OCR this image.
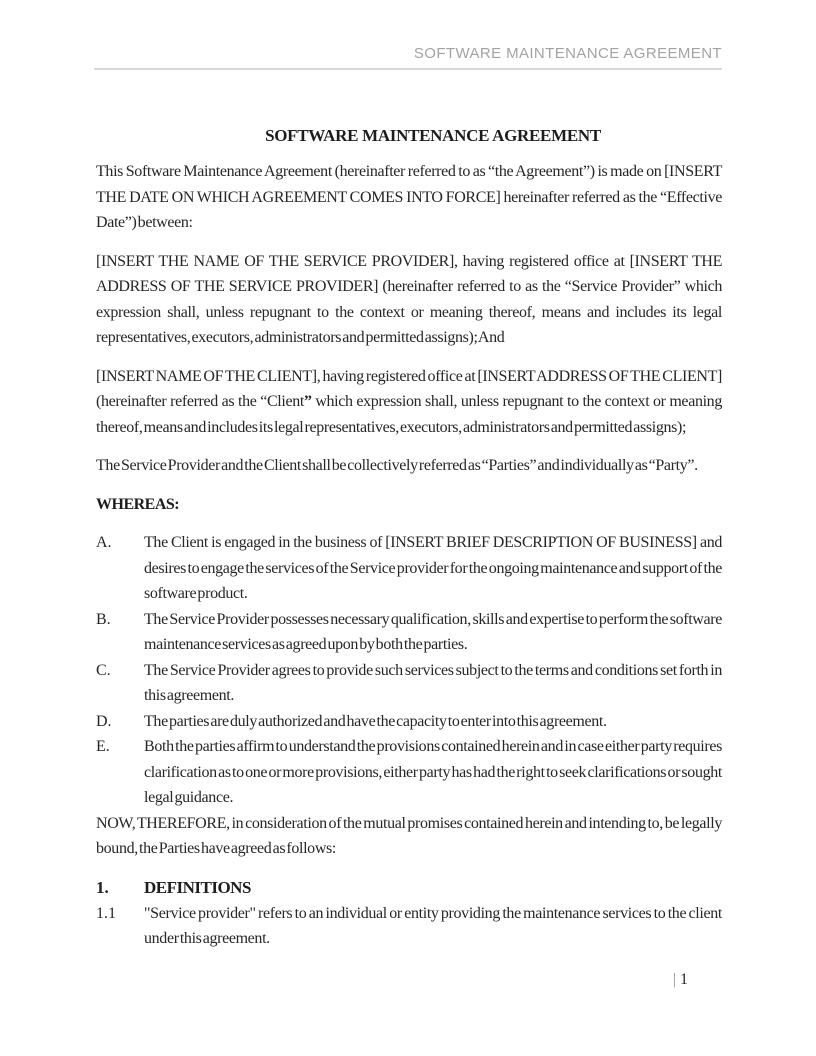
SOFTWARE MAINTENANCE AGREEMENT
SOFTWARE MAINTENANCE AGREEMENT

This Software Maintenance Agreement (hereinafter referred to as “the Agreement”) is made on [INSERT THE DATE ON WHICH AGREEMENT COMES INTO FORCE] hereinafter referred as the “Effective Date”) between:

[INSERT THE NAME OF THE SERVICE PROVIDER], having registered office at [INSERT THE ADDRESS OF THE SERVICE PROVIDER] (hereinafter referred to as the “Service Provider” which expression shall, unless repugnant to the context or meaning thereof, means and includes its legal representatives, executors, administrators and permitted assigns); And

[INSERT NAME OF THE CLIENT], having registered office at [INSERT ADDRESS OF THE CLIENT] (hereinafter referred as the “Client” which expression shall, unless repugnant to the context or meaning thereof, means and includes its legal representatives, executors, administrators and permitted assigns);

The Service Provider and the Client shall be collectively referred as “Parties” and individually as “Party”.

WHEREAS:

A. The Client is engaged in the business of [INSERT BRIEF DESCRIPTION OF BUSINESS] and desires to engage the services of the Service provider for the ongoing maintenance and support of the software product.
B. The Service Provider possesses necessary qualification, skills and expertise to perform the software maintenance services as agreed upon by both the parties.
C. The Service Provider agrees to provide such services subject to the terms and conditions set forth in this agreement.
D. The parties are duly authorized and have the capacity to enter into this agreement.
E. Both the parties affirm to understand the provisions contained herein and in case either party requires clarification as to one or more provisions, either party has had the right to seek clarifications or sought legal guidance.

NOW, THEREFORE, in consideration of the mutual promises contained herein and intending to, be legally bound, the Parties have agreed as follows:

1. DEFINITIONS
1.1 "Service provider" refers to an individual or entity providing the maintenance services to the client under this agreement.
| 1
